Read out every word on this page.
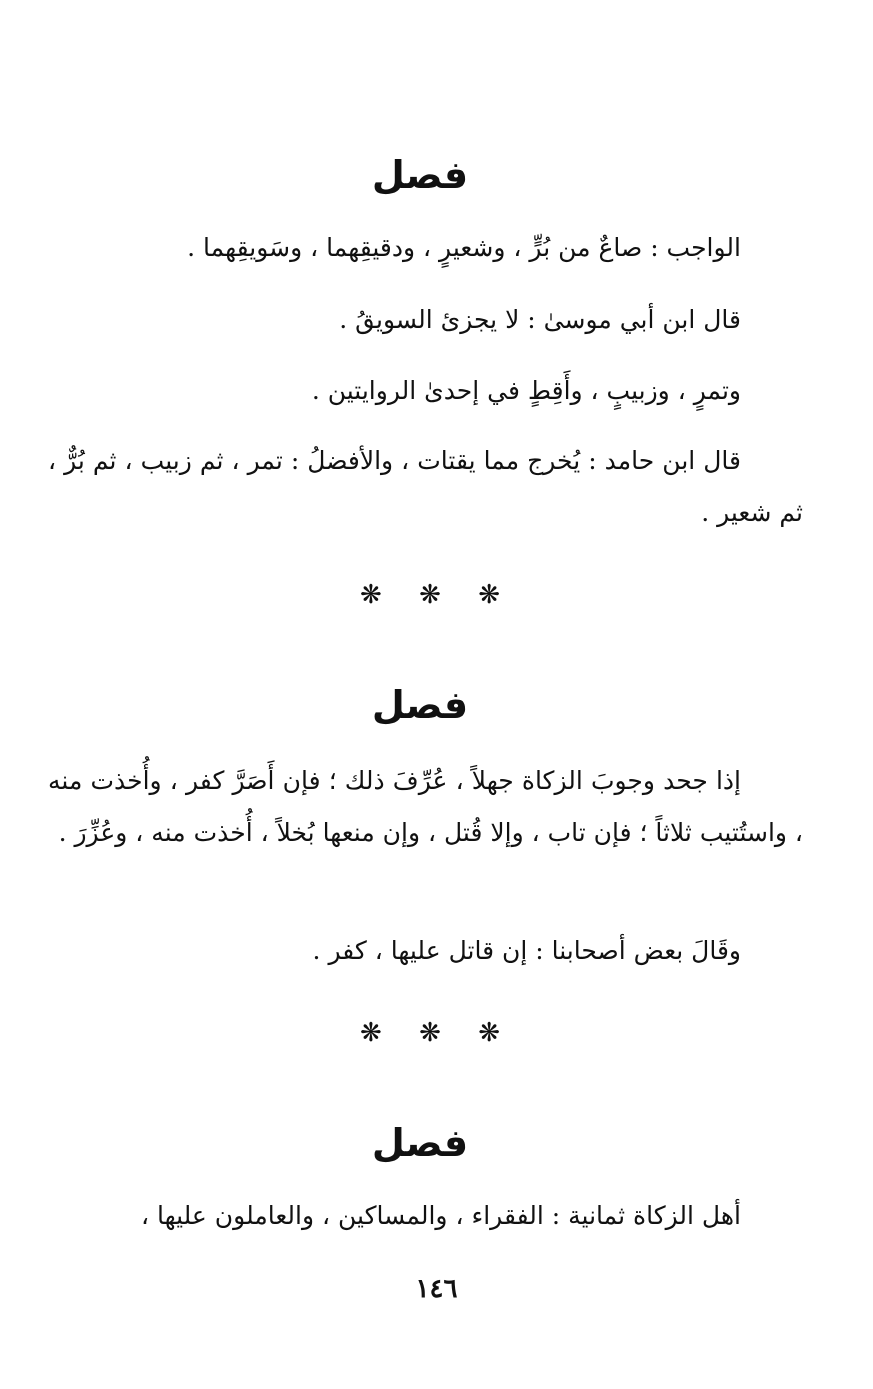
فصل

الواجب : صاعٌ من بُرٍّ ، وشعيرٍ ، ودقيقِهما ، وسَويقِهما .

قال ابن أبي موسىٰ : لا يجزئ السويقُ .

وتمرٍ ، وزبيبٍ ، وأَقِطٍ في إحدىٰ الروايتين .

قال ابن حامد : يُخرج مما يقتات ، والأفضلُ : تمر ، ثم زبيب ، ثم بُرٌّ ، ثم شعير .

❋ ❋ ❋
فصل

إذا جحد وجوبَ الزكاة جهلاً ، عُرِّفَ ذلك ؛ فإن أَصَرَّ كفر ، وأُخذت منه ، واستُتيب ثلاثاً ؛ فإن تاب ، وإلا قُتل ، وإن منعها بُخلاً ، أُخذت منه ، وعُزِّرَ .

وقَالَ بعض أصحابنا : إن قاتل عليها ، كفر .

❋ ❋ ❋
فصل

أهل الزكاة ثمانية : الفقراء ، والمساكين ، والعاملون عليها ،

١٤٦
